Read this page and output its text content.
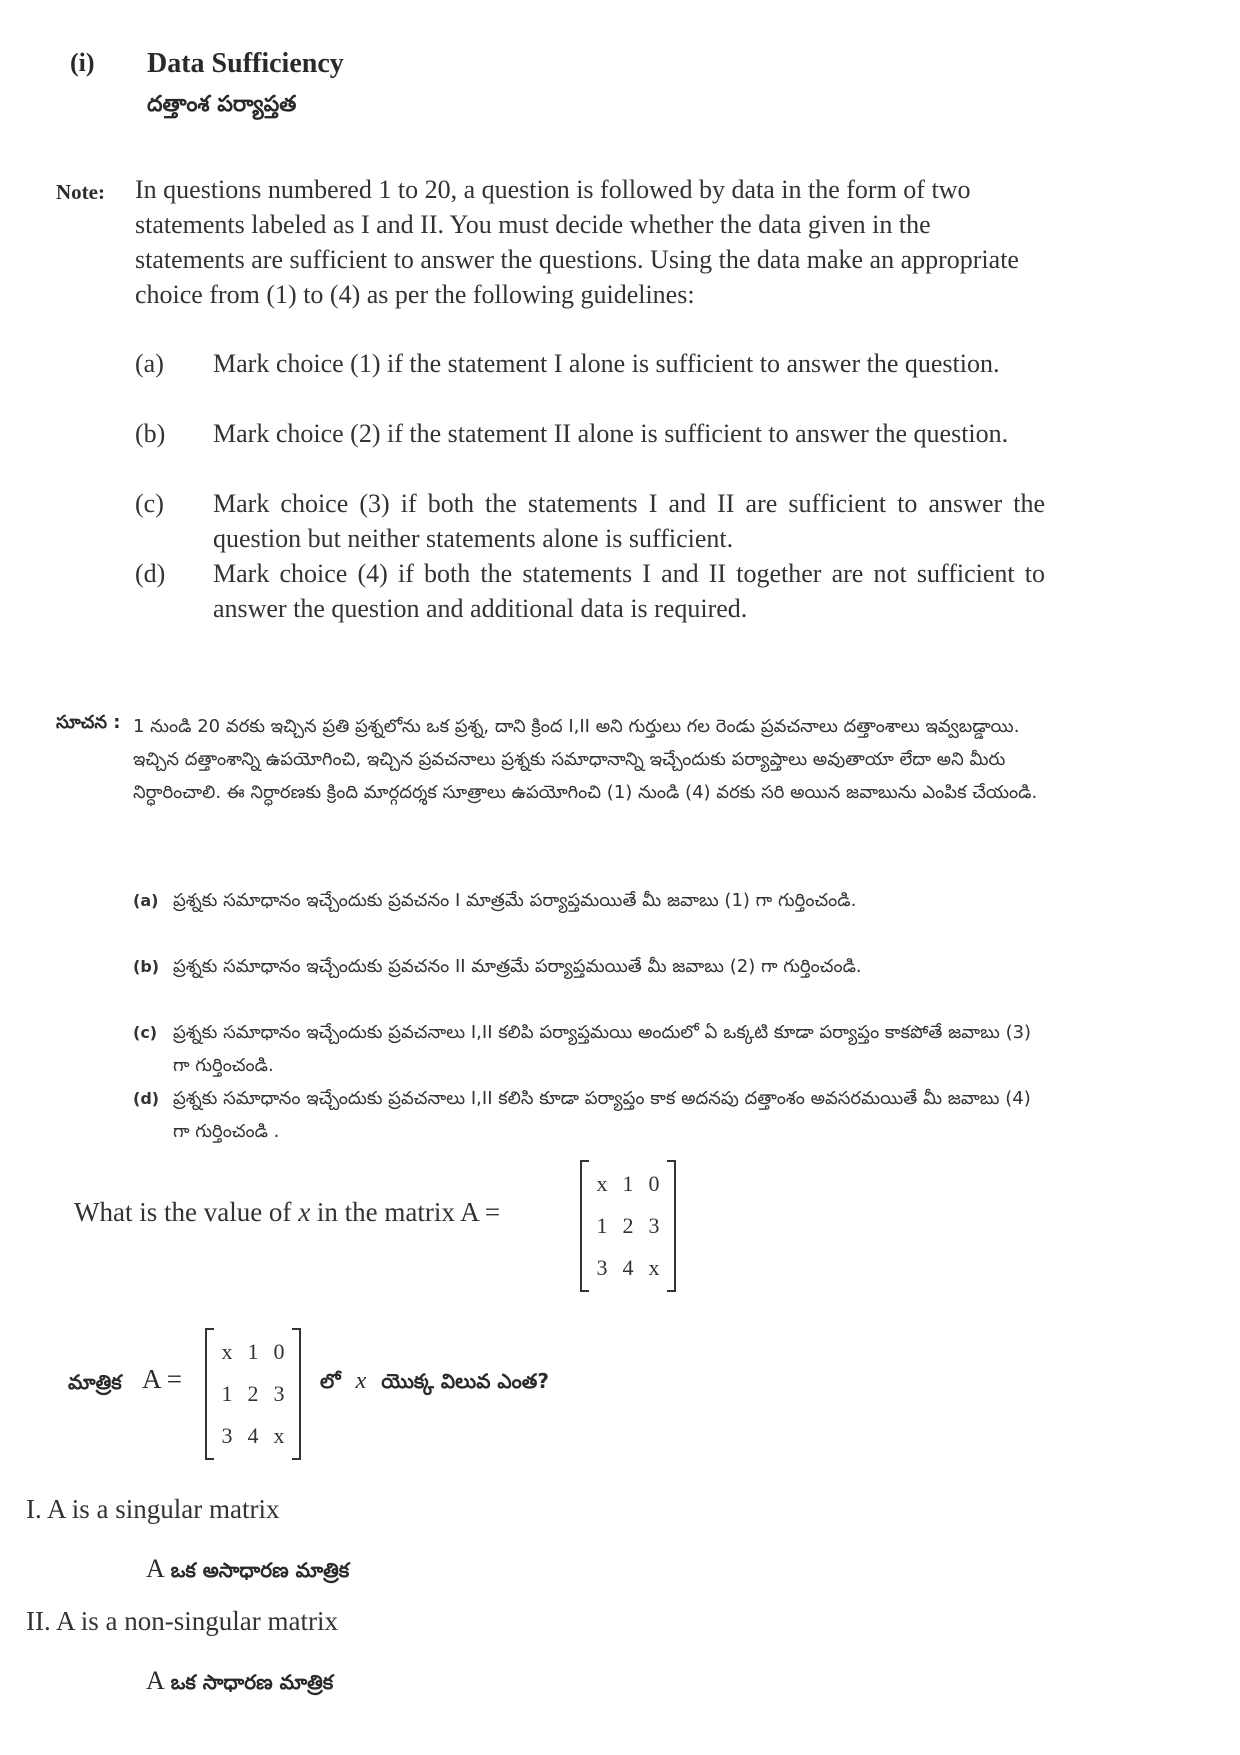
(i) Data Sufficiency
దత్తాంశ పర్యాప్తత
Note: In questions numbered 1 to 20, a question is followed by data in the form of two statements labeled as I and II. You must decide whether the data given in the statements are sufficient to answer the questions. Using the data make an appropriate choice from (1) to (4) as per the following guidelines:
(a) Mark choice (1) if the statement I alone is sufficient to answer the question.
(b) Mark choice (2) if the statement II alone is sufficient to answer the question.
(c) Mark choice (3) if both the statements I and II are sufficient to answer the question but neither statements alone is sufficient.
(d) Mark choice (4) if both the statements I and II together are not sufficient to answer the question and additional data is required.
సూచన : 1 నుండి 20 వరకు ఇచ్చిన ప్రతి ప్రశ్నలోను ఒక ప్రశ్న, దాని క్రింద I,II అని గుర్తులు గల రెండు ప్రవచనాలు దత్తాంశాలు ఇవ్వబడ్డాయి. ఇచ్చిన దత్తాంశాన్ని ఉపయోగించి, ఇచ్చిన ప్రవచనాలు ప్రశ్నకు సమాధానాన్ని ఇచ్చేందుకు పర్యాప్తాలు అవుతాయా లేదా అని మీరు నిర్ధారించాలి. ఈ నిర్ధారణకు క్రింది మార్గదర్శక సూత్రాలు ఉపయోగించి (1) నుండి (4) వరకు సరి అయిన జవాబును ఎంపిక చేయండి.
(a) ప్రశ్నకు సమాధానం ఇచ్చేందుకు ప్రవచనం I మాత్రమే పర్యాప్తమయితే మీ జవాబు (1) గా గుర్తించండి.
(b) ప్రశ్నకు సమాధానం ఇచ్చేందుకు ప్రవచనం II మాత్రమే పర్యాప్తమయితే మీ జవాబు (2) గా గుర్తించండి.
(c) ప్రశ్నకు సమాధానం ఇచ్చేందుకు ప్రవచనాలు I,II కలిపి పర్యాప్తమయి అందులో ఏ ఒక్కటి కూడా పర్యాప్తం కాకపోతే జవాబు (3) గా గుర్తించండి.
(d) ప్రశ్నకు సమాధానం ఇచ్చేందుకు ప్రవచనాలు I,II కలిసి కూడా పర్యాప్తం కాక అదనపు దత్తాంశం అవసరమయితే మీ జవాబు (4) గా గుర్తించండి .
What is the value of x in the matrix A =
x 1 0
1 2 3
3 4 x
మాత్రిక A =
x 1 0
1 2 3
3 4 x
లో x యొక్క విలువ ఎంత?
I. A is a singular matrix
A ఒక అసాధారణ మాత్రిక
II. A is a non-singular matrix
A ఒక సాధారణ మాత్రిక
